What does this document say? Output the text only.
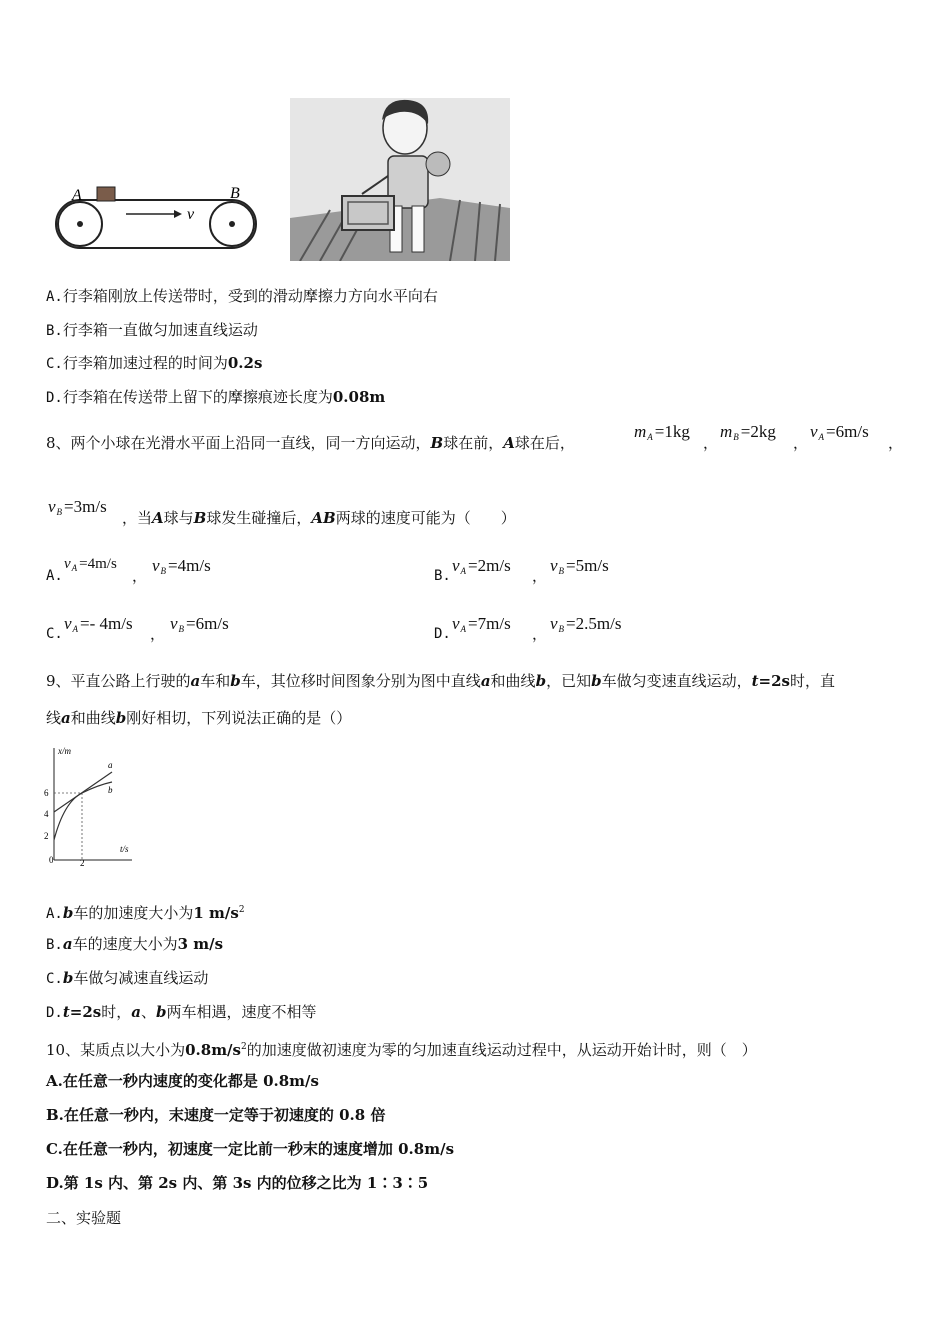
A	B
v
A.行李箱刚放上传送带时，受到的滑动摩擦力方向水平向右
B.行李箱一直做匀加速直线运动
C.行李箱加速过程的时间为0.2s
D.行李箱在传送带上留下的摩擦痕迹长度为0.08m
8、两个小球在光滑水平面上沿同一直线，同一方向运动，B球在前，A球在后，
mA =1kg
，
mB =2kg
，
vA =6m/s
，
vB =3m/s
，当A球与B球发生碰撞后，AB两球的速度可能为（　　）
A.
$v_A =4m/s$
，
vB =4m/s
B.
vA =2m/s
，
vB =5m/s
C.
vA =- 4m/s
，
vB =6m/s
D.
vA =7m/s
，
vB =2.5m/s
9、平直公路上行驶的a车和b车，其位移时间图象分别为图中直线a和曲线b，已知b车做匀变速直线运动，t=2s时，直
线a和曲线b刚好相切，下列说法正确的是（）
x/m
t/s
6
4
2
0	2
a
b
A.b车的加速度大小为1 $m/s^2$
B.a车的速度大小为3 m/s
C.b车做匀减速直线运动
D.t=2s时，a、b两车相遇，速度不相等
10、某质点以大小为$0.8m/s^2$的加速度做初速度为零的匀加速直线运动过程中，从运动开始计时，则（　）
A.在任意一秒内速度的变化都是 0.8m/s
B.在任意一秒内，末速度一定等于初速度的 0.8 倍
C.在任意一秒内，初速度一定比前一秒末的速度增加 0.8m/s
D.第 1s 内、第 2s 内、第 3s 内的位移之比为 1∶3∶5
二、实验题
